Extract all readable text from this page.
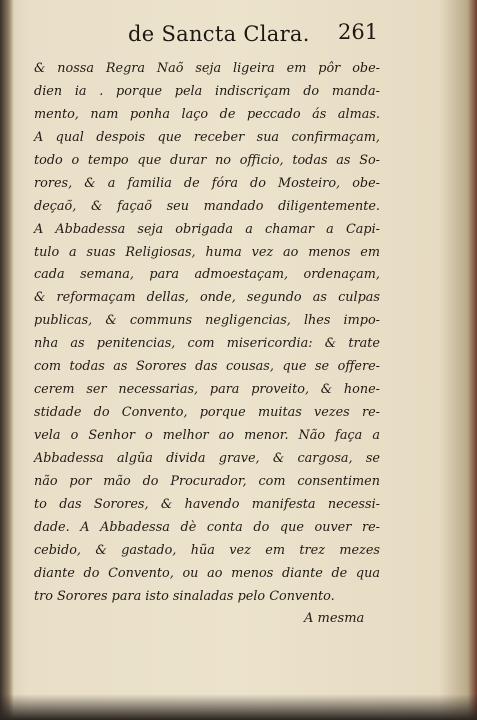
de Sancta Clara. 261
& nossa Regra Naõ seja ligeira em pôr obe-
dien ia . porque pela indiscriçam do manda-
mento, nam ponha laço de peccado ás almas.
A qual despois que receber sua confirmaçam,
todo o tempo que durar no officio, todas as So-
rores, & a familia de fóra do Mosteiro, obe-
deçaõ, & façaõ seu mandado diligentemente.
A Abbadessa seja obrigada a chamar a Capi-
tulo a suas Religiosas, huma vez ao menos em
cada semana, para admoestaçam, ordenaçam,
& reformaçam dellas, onde, segundo as culpas
publicas, & communs negligencias, lhes impo-
nha as penitencias, com misericordia: & trate
com todas as Sorores das cousas, que se offere-
cerem ser necessarias, para proveito, & hone-
stidade do Convento, porque muitas vezes re-
vela o Senhor o melhor ao menor. Não faça a
Abbadessa algũa divida grave, & cargosa, se
não por mão do Procurador, com consentimen
to das Sorores, & havendo manifesta necessi-
dade. A Abbadessa dè conta do que ouver re-
cebido, & gastado, hũa vez em trez mezes
diante do Convento, ou ao menos diante de qua
tro Sorores para isto sinaladas pelo Convento.
A mesma
